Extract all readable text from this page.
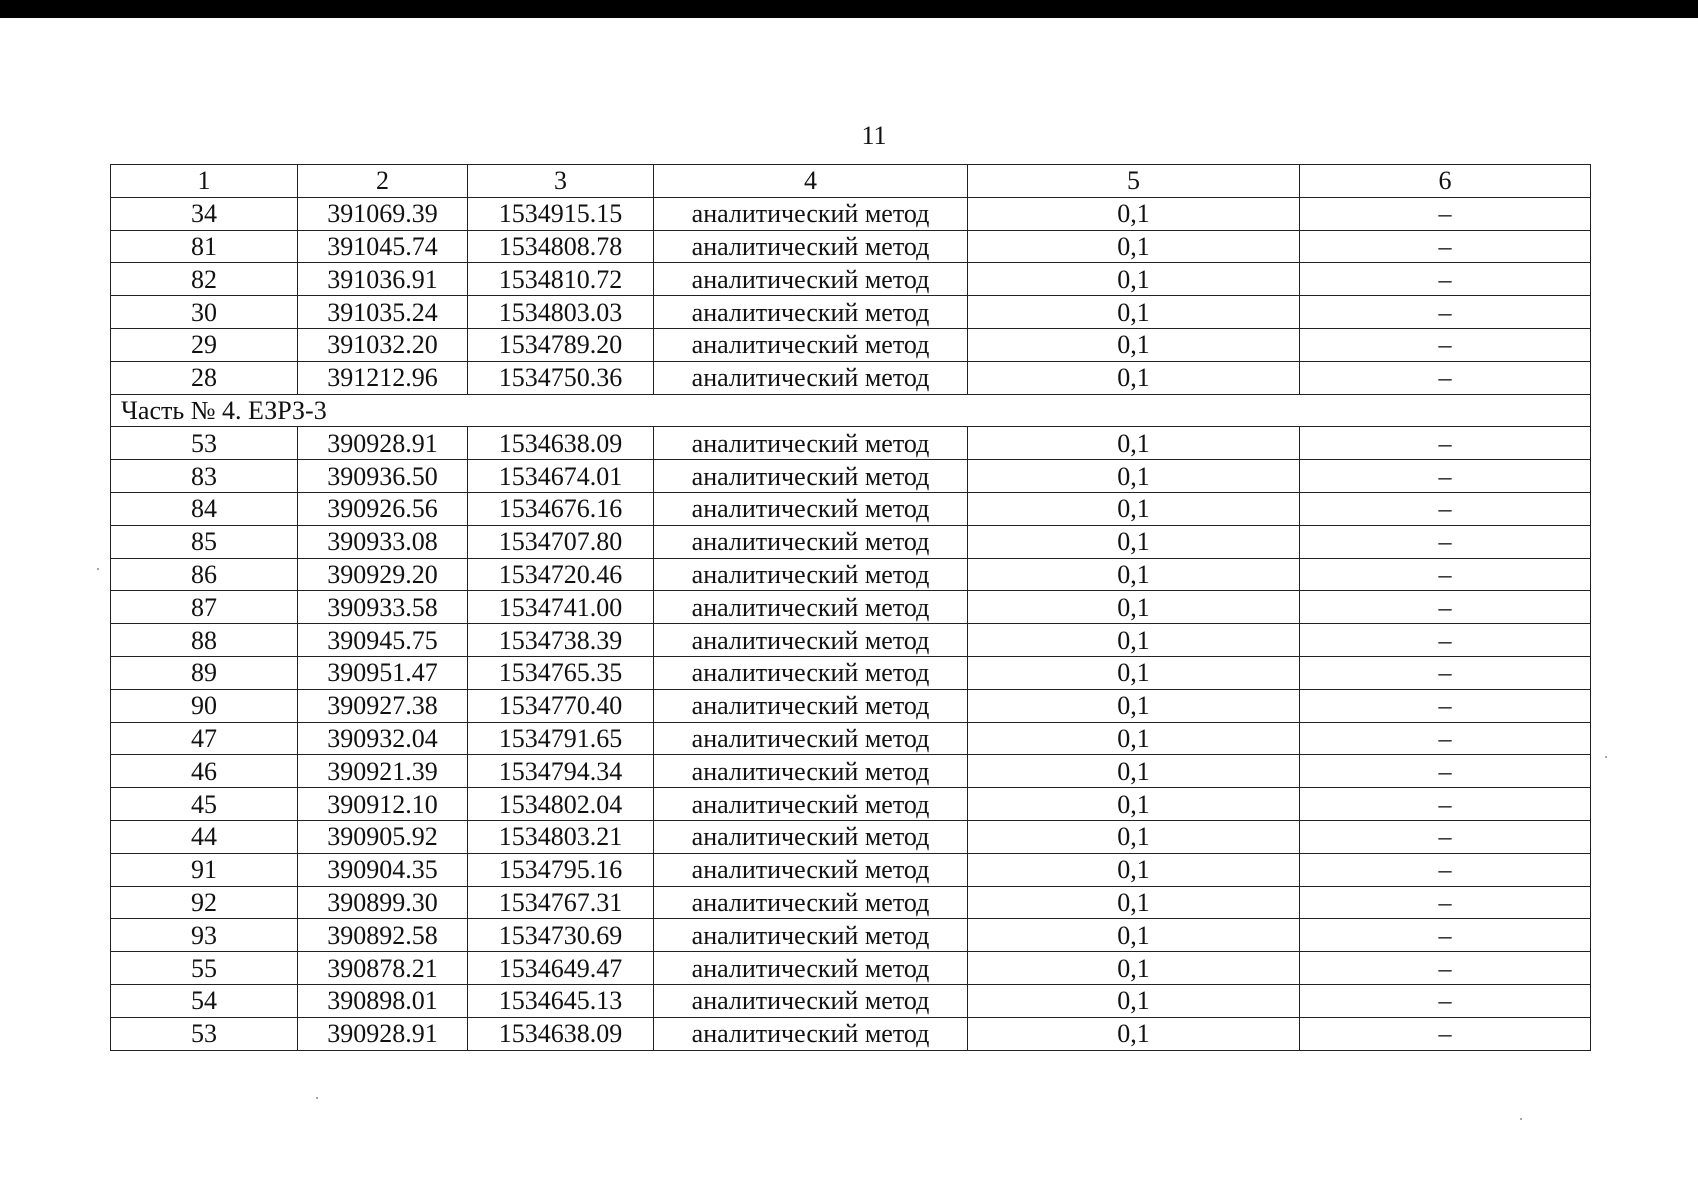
11
1	2	3	4	5	6
34	391069.39	1534915.15	аналитический метод	0,1	–
81	391045.74	1534808.78	аналитический метод	0,1	–
82	391036.91	1534810.72	аналитический метод	0,1	–
30	391035.24	1534803.03	аналитический метод	0,1	–
29	391032.20	1534789.20	аналитический метод	0,1	–
28	391212.96	1534750.36	аналитический метод	0,1	–
Часть № 4. ЕЗРЗ-3					
53	390928.91	1534638.09	аналитический метод	0,1	–
83	390936.50	1534674.01	аналитический метод	0,1	–
84	390926.56	1534676.16	аналитический метод	0,1	–
85	390933.08	1534707.80	аналитический метод	0,1	–
86	390929.20	1534720.46	аналитический метод	0,1	–
87	390933.58	1534741.00	аналитический метод	0,1	–
88	390945.75	1534738.39	аналитический метод	0,1	–
89	390951.47	1534765.35	аналитический метод	0,1	–
90	390927.38	1534770.40	аналитический метод	0,1	–
47	390932.04	1534791.65	аналитический метод	0,1	–
46	390921.39	1534794.34	аналитический метод	0,1	–
45	390912.10	1534802.04	аналитический метод	0,1	–
44	390905.92	1534803.21	аналитический метод	0,1	–
91	390904.35	1534795.16	аналитический метод	0,1	–
92	390899.30	1534767.31	аналитический метод	0,1	–
93	390892.58	1534730.69	аналитический метод	0,1	–
55	390878.21	1534649.47	аналитический метод	0,1	–
54	390898.01	1534645.13	аналитический метод	0,1	–
53	390928.91	1534638.09	аналитический метод	0,1	–
